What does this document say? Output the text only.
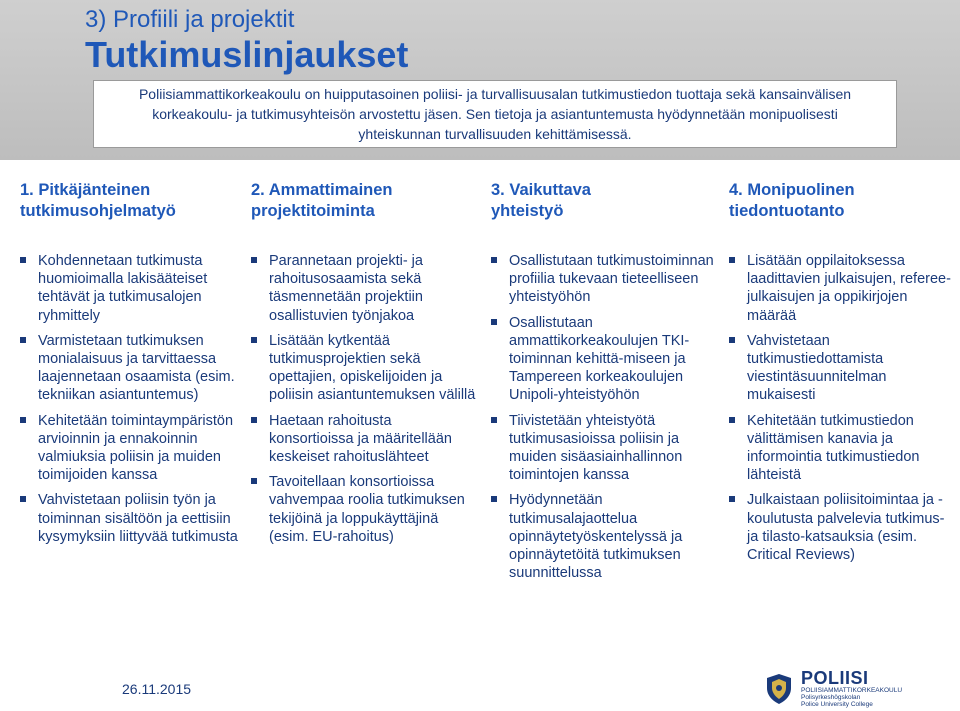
3) Profiili ja projektit
Tutkimuslinjaukset

Poliisiammattikorkeakoulu on huipputasoinen poliisi- ja turvallisuusalan tutkimustiedon tuottaja sekä kansainvälisen
korkeakoulu- ja tutkimusyhteisön arvostettu jäsen. Sen tietoja ja asiantuntemusta hyödynnetään monipuolisesti
yhteiskunnan turvallisuuden kehittämisessä.

1. Pitkäjänteinen
tutkimusohjelmatyö
Kohdennetaan tutkimusta huomioimalla lakisääteiset tehtävät ja tutkimusalojen ryhmittely
Varmistetaan tutkimuksen monialaisuus ja tarvittaessa laajennetaan osaamista (esim. tekniikan asiantuntemus)
Kehitetään toimintaympäristön arvioinnin ja ennakoinnin valmiuksia poliisin ja muiden toimijoiden kanssa
Vahvistetaan poliisin työn ja toiminnan sisältöön ja eettisiin kysymyksiin liittyvää tutkimusta
2. Ammattimainen
projektitoiminta
Parannetaan projekti- ja rahoitusosaamista sekä täsmennetään projektiin osallistuvien työnjakoa
Lisätään kytkentää tutkimusprojektien sekä opettajien, opiskelijoiden ja poliisin asiantuntemuksen välillä
Haetaan rahoitusta konsortioissa ja määritellään keskeiset rahoituslähteet
Tavoitellaan konsortioissa vahvempaa roolia tutkimuksen tekijöinä ja loppukäyttäjinä (esim. EU-rahoitus)
3. Vaikuttava
yhteistyö
Osallistutaan tutkimustoiminnan profiilia tukevaan tieteelliseen yhteistyöhön
Osallistutaan ammattikorkeakoulujen TKI-toiminnan kehittä-miseen ja Tampereen korkeakoulujen Unipoli-yhteistyöhön
Tiivistetään yhteistyötä tutkimusasioissa poliisin ja muiden sisäasiainhallinnon toimintojen kanssa
Hyödynnetään tutkimusalajaottelua opinnäytetyöskentelyssä ja opinnäytetöitä tutkimuksen suunnittelussa
4. Monipuolinen
tiedontuotanto
Lisätään oppilaitoksessa laadittavien julkaisujen, referee-julkaisujen ja oppikirjojen määrää
Vahvistetaan tutkimustiedottamista viestintäsuunnitelman mukaisesti
Kehitetään tutkimustiedon välittämisen kanavia ja informointia tutkimustiedon lähteistä
Julkaistaan poliisitoimintaa ja -koulutusta palvelevia tutkimus- ja tilasto-katsauksia (esim. Critical Reviews)
26.11.2015
POLIISI
POLIISIAMMATTIKORKEAKOULU
Polisyrkeshögskolan
Police University College
